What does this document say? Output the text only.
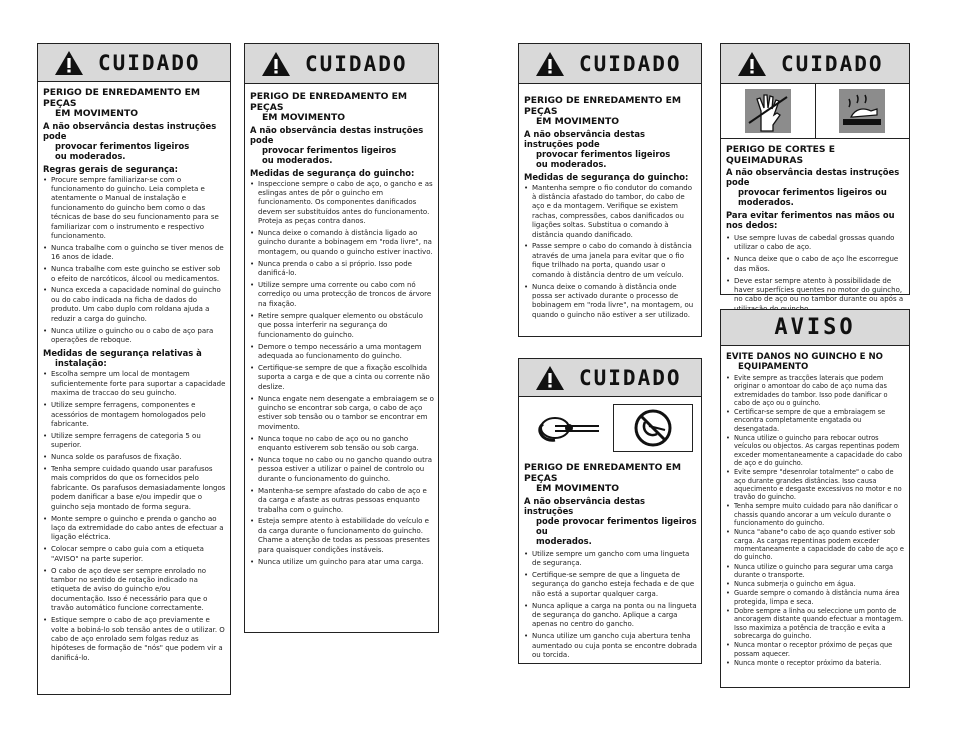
CUIDADO
PERIGO DE ENREDAMENTO EM PEÇAS
EM MOVIMENTO
A não observância destas instruções pode
provocar ferimentos ligeiros
ou moderados.
Regras gerais de segurança:
• Procure sempre familiarizar-se com o funcionamento do guincho. Leia completa e atentamente o Manual de instalação e funcionamento do guincho bem como o das técnicas de base do seu funcionamento para se familiarizar com o instrumento e respectivo funcionamento.
• Nunca trabalhe com o guincho se tiver menos de 16 anos de idade.
• Nunca trabalhe com este guincho se estiver sob o efeito de narcóticos, álcool ou medicamentos.
• Nunca exceda a capacidade nominal do guincho ou do cabo indicada na ficha de dados do produto. Um cabo duplo com roldana ajuda a reduzir a carga do guincho.
• Nunca utilize o guincho ou o cabo de aço para operações de reboque.
Medidas de segurança relativas à
instalação:
• Escolha sempre um local de montagem suficientemente forte para suportar a capacidade maxima de traccao do seu guincho.
• Utilize sempre ferragens, componentes e acessórios de montagem homologados pelo fabricante.
• Utilize sempre ferragens de categoria 5 ou superior.
• Nunca solde os parafusos de fixação.
• Tenha sempre cuidado quando usar parafusos mais compridos do que os fornecidos pelo fabricante. Os parafusos demasiadamente longos podem danificar a base e/ou impedir que o guincho seja montado de forma segura.
• Monte sempre o guincho e prenda o gancho ao laço da extremidade do cabo antes de efectuar a ligação eléctrica.
• Colocar sempre o cabo guia com a etiqueta "AVISO" na parte superior.
• O cabo de aço deve ser sempre enrolado no tambor no sentido de rotação indicado na etiqueta de aviso do guincho e/ou documentação. Isso é necessário para que o travão automático funcione correctamente.
• Estique sempre o cabo de aço previamente e volte a bobiná-lo sob tensão antes de o utilizar. O cabo de aço enrolado sem folgas reduz as hipóteses de formação de "nós" que podem vir a danificá-lo.
CUIDADO
PERIGO DE ENREDAMENTO EM PEÇAS
EM MOVIMENTO
A não observância destas instruções pode
provocar ferimentos ligeiros
ou moderados.
Medidas de segurança do guincho:
• Inspeccione sempre o cabo de aço, o gancho e as eslingas antes de pôr o guincho em funcionamento. Os componentes danificados devem ser substituídos antes do funcionamento. Proteja as peças contra danos.
• Nunca deixe o comando à distância ligado ao guincho durante a bobinagem em "roda livre", na montagem, ou quando o guincho estiver inactivo.
• Nunca prenda o cabo a si próprio. Isso pode danificá-lo.
• Utilize sempre uma corrente ou cabo com nó corrediço ou uma protecção de troncos de árvore na fixação.
• Retire sempre qualquer elemento ou obstáculo que possa interferir na segurança do funcionamento do guincho.
• Demore o tempo necessário a uma montagem adequada ao funcionamento do guincho.
• Certifique-se sempre de que a fixação escolhida suporta a carga e de que a cinta ou corrente não deslize.
• Nunca engate nem desengate a embraiagem se o guincho se encontrar sob carga, o cabo de aço estiver sob tensão ou o tambor se encontrar em movimento.
• Nunca toque no cabo de aço ou no gancho enquanto estiverem sob tensão ou sob carga.
• Nunca toque no cabo ou no gancho quando outra pessoa estiver a utilizar o painel de controlo ou durante o funcionamento do guincho.
• Mantenha-se sempre afastado do cabo de aço e da carga e afaste as outras pessoas enquanto trabalha com o guincho.
• Esteja sempre atento à estabilidade do veículo e da carga durante o funcionamento do guincho. Chame a atenção de todas as pessoas presentes para quaisquer condições instáveis.
• Nunca utilize um guincho para atar uma carga.
CUIDADO
PERIGO DE ENREDAMENTO EM PEÇAS
EM MOVIMENTO
A não observância destas instruções pode
provocar ferimentos ligeiros
ou moderados.
Medidas de segurança do guincho:
• Mantenha sempre o fio condutor do comando à distância afastado do tambor, do cabo de aço e da montagem. Verifique se existem rachas, compressões, cabos danificados ou ligações soltas. Substitua o comando à distância quando danificado.
• Passe sempre o cabo do comando à distância através de uma janela para evitar que o fio fique trilhado na porta, quando usar o comando à distância dentro de um veículo.
• Nunca deixe o comando à distância onde possa ser activado durante o processo de bobinagem em "roda livre", na montagem, ou quando o guincho não estiver a ser utilizado.
CUIDADO
PERIGO DE ENREDAMENTO EM PEÇAS
EM MOVIMENTO
A não observância destas instruções
pode provocar ferimentos ligeiros ou
moderados.
• Utilize sempre um gancho com uma lingueta de segurança.
• Certifique-se sempre de que a lingueta de segurança do gancho esteja fechada e de que não está a suportar qualquer carga.
• Nunca aplique a carga na ponta ou na lingueta de segurança do gancho. Aplique a carga apenas no centro do gancho.
• Nunca utilize um gancho cuja abertura tenha aumentado ou cuja ponta se encontre dobrada ou torcida.
CUIDADO
PERIGO DE CORTES E QUEIMADURAS
A não observância destas instruções pode
provocar ferimentos ligeiros ou moderados.
Para evitar ferimentos nas mãos ou nos dedos:
• Use sempre luvas de cabedal grossas quando utilizar o cabo de aço.
• Nunca deixe que o cabo de aço lhe escorregue das mãos.
• Deve estar sempre atento à possibilidade de haver superfícies quentes no motor do guincho, no cabo de aço ou no tambor durante ou após a
AVISO
EVITE DANOS NO GUINCHO E NO
EQUIPAMENTO
• Evite sempre as tracções laterais que podem originar o amontoar do cabo de aço numa das extremidades do tambor. Isso pode danificar o cabo de aço ou o guincho.
• Certificar-se sempre de que a embraiagem se encontra completamente engatada ou desengatada.
• Nunca utilize o guincho para rebocar outros veículos ou objectos. As cargas repentinas podem exceder momentaneamente a capacidade do cabo de aço e do guincho.
• Evite sempre "desenrolar totalmente" o cabo de aço durante grandes distâncias. Isso causa aquecimento e desgaste excessivos no motor e no travão do guincho.
• Tenha sempre muito cuidado para não danificar o chassis quando ancorar a um veículo durante o funcionamento do guincho.
• Nunca "abane"o cabo de aço quando estiver sob carga. As cargas repentinas podem exceder momentaneamente a capacidade do cabo de aço e do guincho.
• Nunca utilize o guincho para segurar uma carga durante o transporte.
• Nunca submerja o guincho em água.
• Guarde sempre o comando à distância numa área protegida, limpa e seca.
• Dobre sempre a linha ou seleccione um ponto de ancoragem distante quando efectuar a montagem. Isso maximiza a potência de tracção e evita a sobrecarga do guincho.
• Nunca montar o receptor próximo de peças que possam aquecer.
• Nunca monte o receptor próximo da bateria.
